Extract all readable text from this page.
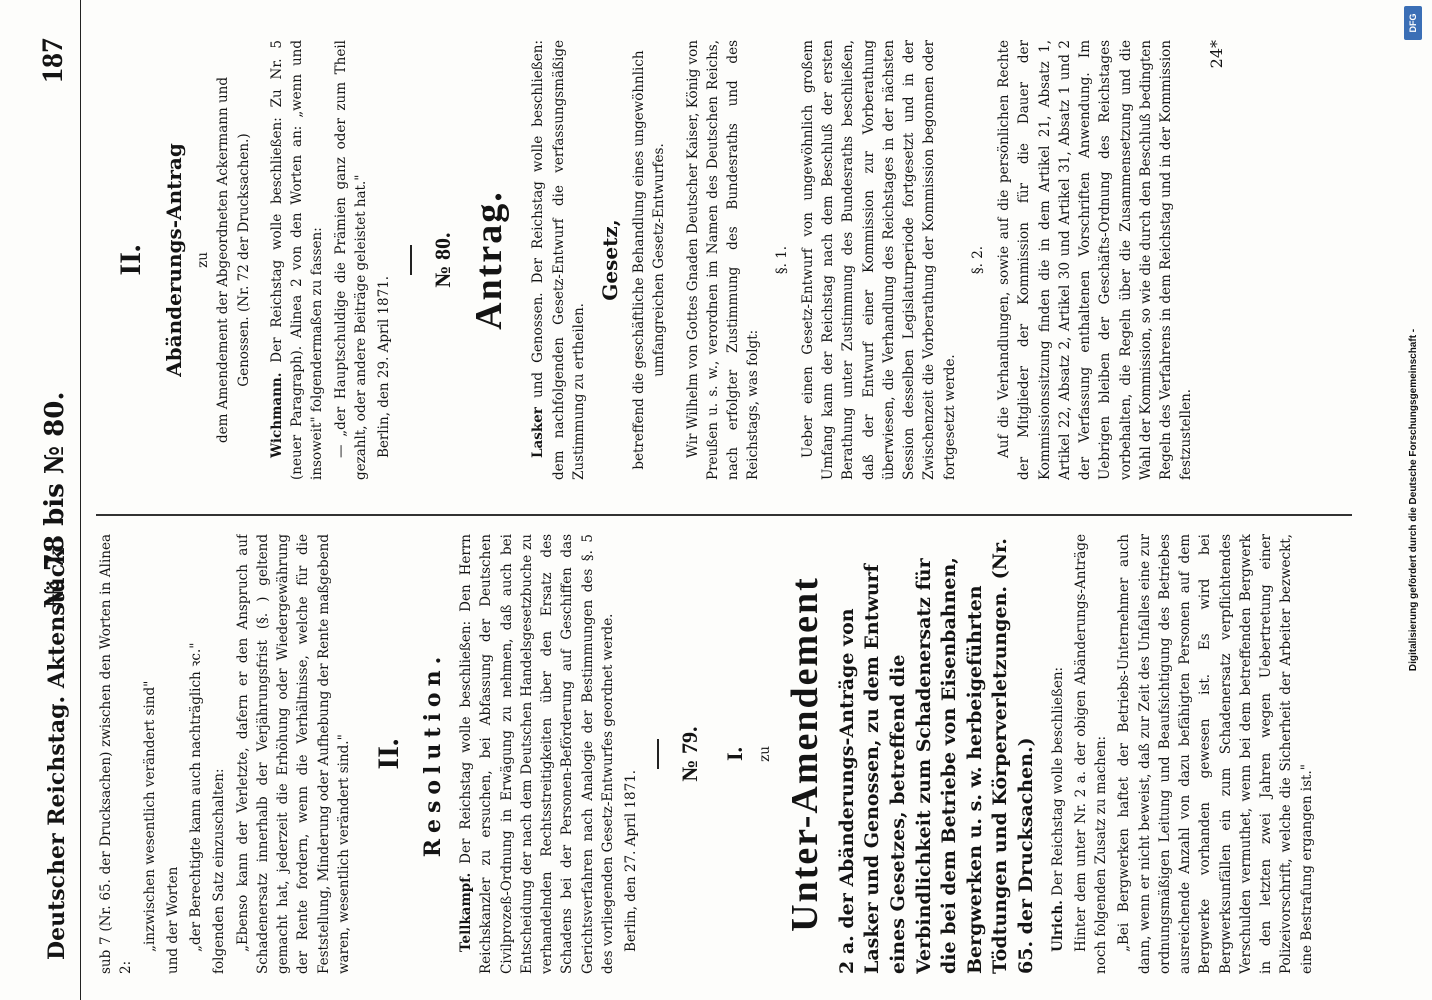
Deutscher Reichstag. Aktenstück
№ 78 bis № 80.
187

sub 7 (Nr. 65. der Drucksachen) zwischen den Worten in Alinea 2:

„inzwischen wesentlich verändert sind" und der Worten „der Berechtigte kann auch nachträglich ꝛc." folgenden Satz einzuschalten: „Ebenso kann der Verletzte, dafern er den Anspruch auf Schadenersatz innerhalb der Verjährungsfrist (§. ) geltend gemacht hat, jederzeit die Erhöhung oder Wiedergewährung der Rente fordern, wenn die Verhältnisse, welche für die Feststellung, Minderung oder Aufhebung der Rente maßgebend waren, wesentlich verändert sind." II. Resolution.

Tellkampf. Der Reichstag wolle beschließen: Den Herrn Reichskanzler zu ersuchen, bei Abfassung der Deutschen Civilprozeß-Ordnung in Erwägung zu nehmen, daß auch bei Entscheidung der nach dem Deutschen Handelsgesetzbuche zu verhandelnden Rechtsstreitigkeiten über den Ersatz des Schadens bei der Personen-Beförderung auf Geschiffen das Gerichtsverfahren nach Analogie der Bestimmungen des §. 5 des vorliegenden Gesetz-Entwurfes geordnet werde. Berlin, den 27. April 1871.

№ 79. I. zu Unter-Amendement 2 a. der Abänderungs-Anträge von Lasker und Genossen, zu dem Entwurf eines Gesetzes, betreffend die Verbindlichkeit zum Schadenersatz für die bei dem Betriebe von Eisenbahnen, Bergwerken u. s. w. herbeigeführten Tödtungen und Körperverletzungen. (Nr. 65. der Drucksachen.) Ulrich. Der Reichstag wolle beschließen: Hinter dem unter Nr. 2 a. der obigen Abänderungs-Anträge noch folgenden Zusatz zu machen: „Bei Bergwerken haftet der Betriebs-Unternehmer auch dann, wenn er nicht beweist, daß zur Zeit des Unfalles eine zur ordnungsmäßigen Leitung und Beaufsichtigung des Betriebes ausreichende Anzahl von dazu befähigten Personen auf dem Bergwerke vorhanden gewesen ist. Es wird bei Bergwerksunfällen ein zum Schadenersatz verpflichtendes Verschulden vermuthet, wenn bei dem betreffenden Bergwerk in den letzten zwei Jahren wegen Uebertretung einer Polizeivorschrift, welche die Sicherheit der Arbeiter bezweckt, eine Bestrafung ergangen ist."

II. Abänderungs-Antrag zu dem Amendement der Abgeordneten Ackermann und Genossen. (Nr. 72 der Drucksachen.)

Wichmann. Der Reichstag wolle beschließen: Zu Nr. 5 (neuer Paragraph). Alinea 2 von den Worten an: „wenn und insoweit" folgendermaßen zu fassen: — „der Hauptschuldige die Prämien ganz oder zum Theil gezahlt, oder andere Beiträge geleistet hat." Berlin, den 29. April 1871.

№ 80. Antrag.

Lasker und Genossen. Der Reichstag wolle beschließen: dem nachfolgenden Gesetz-Entwurf die verfassungsmäßige Zustimmung zu ertheilen.

Gesetz, betreffend die geschäftliche Behandlung eines ungewöhnlich umfangreichen Gesetz-Entwurfes. Wir Wilhelm von Gottes Gnaden Deutscher Kaiser, König von Preußen u. s. w., verordnen im Namen des Deutschen Reichs, nach erfolgter Zustimmung des Bundesraths und des Reichstags, was folgt:

§. 1. Ueber einen Gesetz-Entwurf von ungewöhnlich großem Umfang kann der Reichstag nach dem Beschluß der ersten Berathung unter Zustimmung des Bundesraths beschließen, daß der Entwurf einer Kommission zur Vorberathung überwiesen, die Verhandlung des Reichstages in der nächsten Session desselben Legislaturperiode fortgesetzt und in der Zwischenzeit die Vorberathung der Kommission begonnen oder fortgesetzt werde.

§. 2. Auf die Verhandlungen, sowie auf die persönlichen Rechte der Mitglieder der Kommission für die Dauer der Kommissionssitzung finden die in dem Artikel 21, Absatz 1, Artikel 22, Absatz 2, Artikel 30 und Artikel 31, Absatz 1 und 2 der Verfassung enthaltenen Vorschriften Anwendung. Im Uebrigen bleiben der Geschäfts-Ordnung des Reichstages vorbehalten, die Regeln über die Zusammensetzung und die Wahl der Kommission, so wie die durch den Beschluß bedingten Regeln des Verfahrens in dem Reichstag und in der Kommission festzustellen.

24*
Digitalisierung gefördert durch die Deutsche Forschungsgemeinschaft -
DFG
